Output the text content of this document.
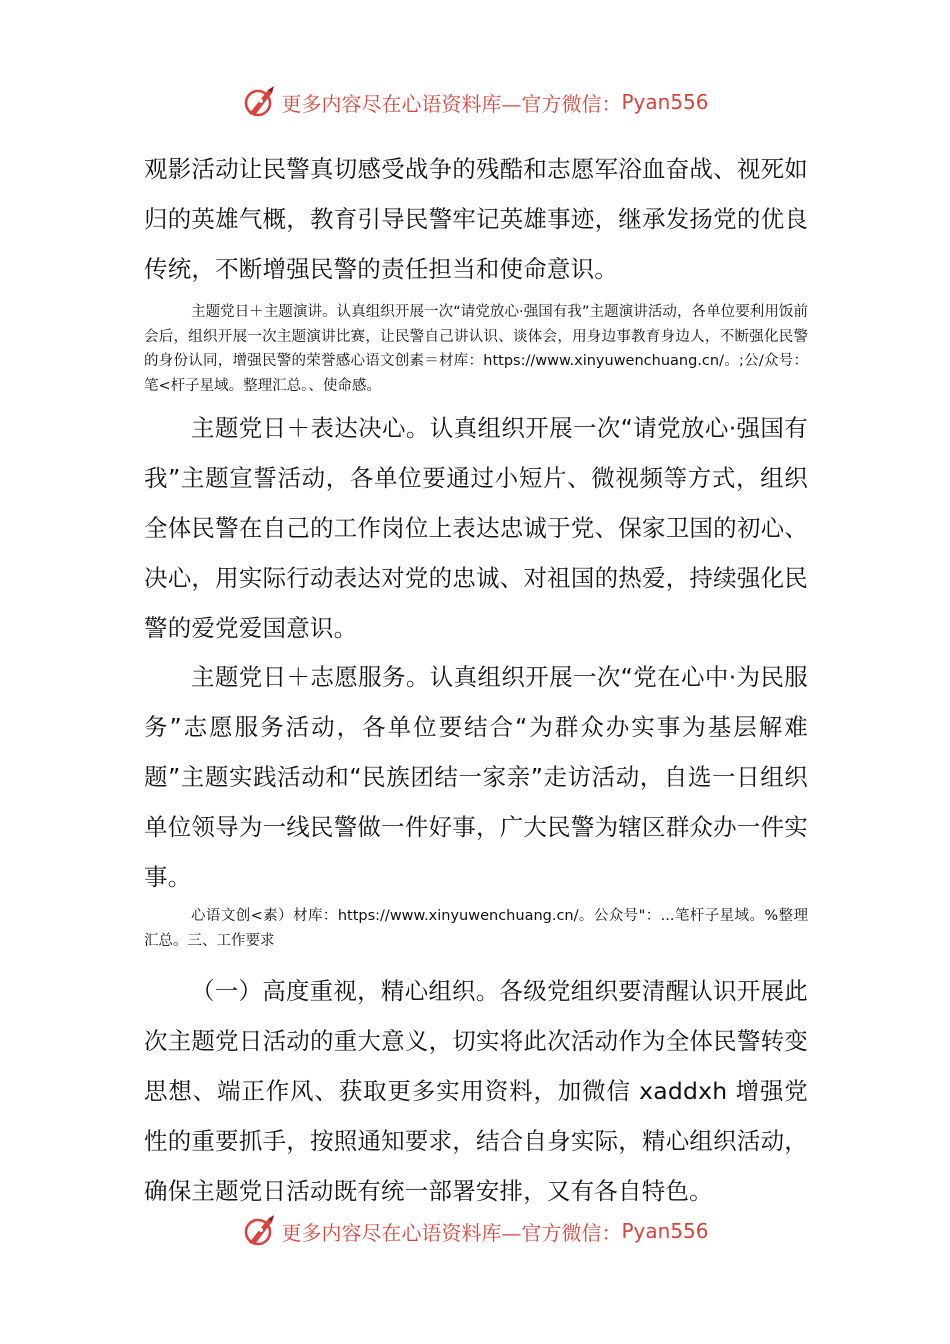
更多内容尽在心语资料库—官方微信： Pyan556

观影活动让民警真切感受战争的残酷和志愿军浴血奋战、视死如归的英雄气概，教育引导民警牢记英雄事迹，继承发扬党的优良传统，不断增强民警的责任担当和使命意识。

主题党日＋主题演讲。认真组织开展一次“请党放心·强国有我”主题演讲活动，各单位要利用饭前会后，组织开展一次主题演讲比赛，让民警自己讲认识、谈体会，用身边事教育身边人，不断强化民警的身份认同，增强民警的荣誉感心语文创素＝材库：https://www.xinyuwenchuang.cn/。;公/众号：笔<杆子星域。整理汇总。、使命感。

主题党日＋表达决心。认真组织开展一次“请党放心·强国有我”主题宣誓活动，各单位要通过小短片、微视频等方式，组织全体民警在自己的工作岗位上表达忠诚于党、保家卫国的初心、决心，用实际行动表达对党的忠诚、对祖国的热爱，持续强化民警的爱党爱国意识。

主题党日＋志愿服务。认真组织开展一次“党在心中·为民服务”志愿服务活动，各单位要结合“为群众办实事为基层解难题”主题实践活动和“民族团结一家亲”走访活动，自选一日组织单位领导为一线民警做一件好事，广大民警为辖区群众办一件实事。

心语文创<素）材库：https://www.xinyuwenchuang.cn/。公众号"：...笔杆子星域。%整理汇总。三、工作要求

（一）高度重视，精心组织。各级党组织要清醒认识开展此次主题党日活动的重大意义，切实将此次活动作为全体民警转变思想、端正作风、获取更多实用资料，加微信 xaddxh 增强党性的重要抓手，按照通知要求，结合自身实际，精心组织活动，确保主题党日活动既有统一部署安排，又有各自特色。

更多内容尽在心语资料库—官方微信： Pyan556
